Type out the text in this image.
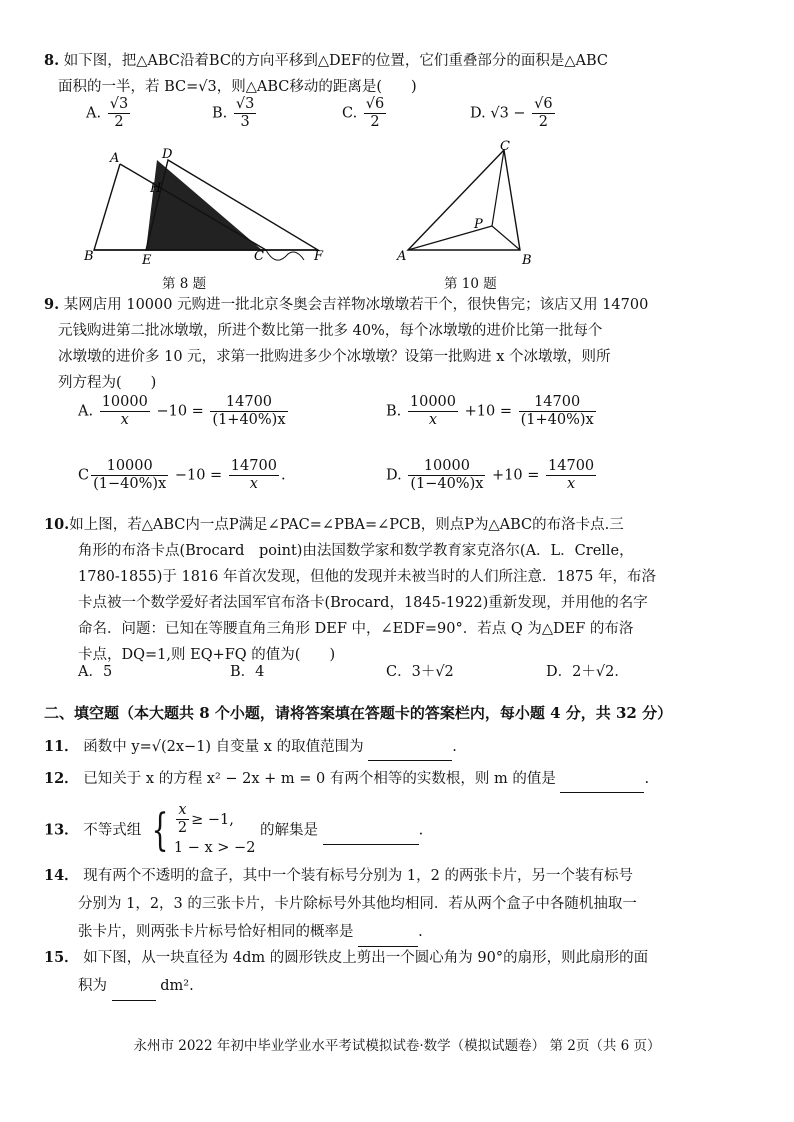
8. 如下图，把△ABC沿着BC的方向平移到△DEF的位置，它们重叠部分的面积是△ABC
面积的一半，若 BC=√3，则△ABC移动的距离是(　　)
A. $\frac{√3}{2}$	B. $\frac{√3}{3}$	C. $\frac{√6}{2}$	D. $√3 - \frac{√6}{2}$
A	D
H
B	E	C	F
第 8 题
C
P
A	B
第 10 题
9. 某网店用 10000 元购进一批北京冬奥会吉祥物冰墩墩若干个，很快售完；该店又用 14700
元钱购进第二批冰墩墩，所进个数比第一批多 40%，每个冰墩墩的进价比第一批每个
冰墩墩的进价多 10 元，求第一批购进多少个冰墩墩？设第一批购进 x 个冰墩墩，则所
列方程为(　　)
A. $\frac{10000}{x} -10 = \frac{14700}{(1+40\%)x}$	B. $\frac{10000}{x} +10 = \frac{14700}{(1+40\%)x}$
C $\frac{10000}{(1-40\%)x} -10 = \frac{14700}{x}$ .	D. $\frac{10000}{(1-40\%)x} +10 = \frac{14700}{x}$
10.如上图，若△ABC内一点P满足∠PAC=∠PBA=∠PCB，则点P为△ABC的布洛卡点.三
角形的布洛卡点(Brocard　point)由法国数学家和数学教育家克洛尔(A．L．Crelle，
1780-1855)于 1816 年首次发现，但他的发现并未被当时的人们所注意．1875 年，布洛
卡点被一个数学爱好者法国军官布洛卡(Brocard，1845-1922)重新发现，并用他的名字
命名．问题：已知在等腰直角三角形 DEF 中，∠EDF=90°．若点 Q 为△DEF 的布洛
卡点，DQ=1,则 EQ+FQ 的值为(　　)
A．5	B．4	C．3＋√2	D．2＋√2．
二、填空题（本大题共 8 个小题，请将答案填在答题卡的答案栏内，每小题 4 分，共 32 分）
11． 函数中 y=√(2x−1) 自变量 x 的取值范围为	.
12． 已知关于 x 的方程 x² − 2x + m = 0 有两个相等的实数根，则 m 的值是	.
13． 不等式组 { $\frac{x}{2} \ge -1$,
1 − x > −2 的解集是	.
14． 现有两个不透明的盒子，其中一个装有标号分别为 1，2 的两张卡片，另一个装有标号
分别为 1，2，3 的三张卡片，卡片除标号外其他均相同．若从两个盒子中各随机抽取一
张卡片，则两张卡片标号恰好相同的概率是	.
15． 如下图，从一块直径为 4dm 的圆形铁皮上剪出一个圆心角为 90°的扇形，则此扇形的面
积为	dm².
永州市 2022 年初中毕业学业水平考试模拟试卷·数学（模拟试题卷） 第 2页（共 6 页）
